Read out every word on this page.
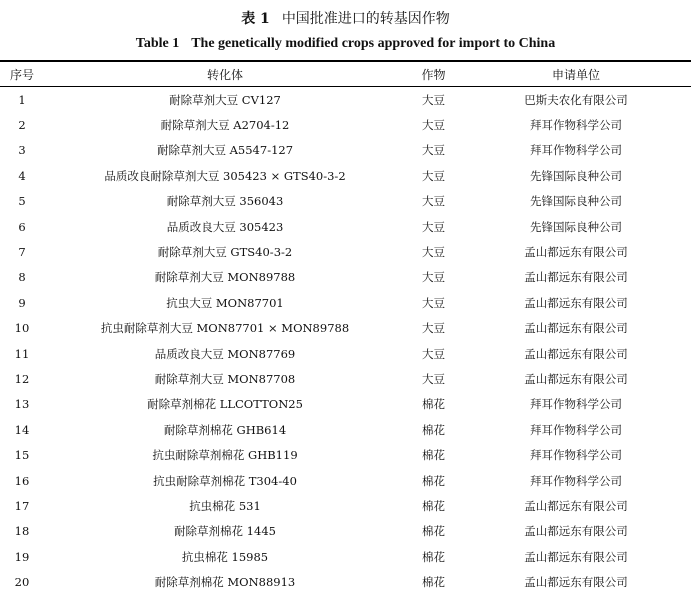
表 1 中国批准进口的转基因作物
Table 1 The genetically modified crops approved for import to China
序号	转化体	作物	申请单位
1	耐除草剂大豆 CV127	大豆	巴斯夫农化有限公司
2	耐除草剂大豆 A2704-12	大豆	拜耳作物科学公司
3	耐除草剂大豆 A5547-127	大豆	拜耳作物科学公司
4	品质改良耐除草剂大豆 305423 × GTS40-3-2	大豆	先锋国际良种公司
5	耐除草剂大豆 356043	大豆	先锋国际良种公司
6	品质改良大豆 305423	大豆	先锋国际良种公司
7	耐除草剂大豆 GTS40-3-2	大豆	孟山都远东有限公司
8	耐除草剂大豆 MON89788	大豆	孟山都远东有限公司
9	抗虫大豆 MON87701	大豆	孟山都远东有限公司
10	抗虫耐除草剂大豆 MON87701 × MON89788	大豆	孟山都远东有限公司
11	品质改良大豆 MON87769	大豆	孟山都远东有限公司
12	耐除草剂大豆 MON87708	大豆	孟山都远东有限公司
13	耐除草剂棉花 LLCOTTON25	棉花	拜耳作物科学公司
14	耐除草剂棉花 GHB614	棉花	拜耳作物科学公司
15	抗虫耐除草剂棉花 GHB119	棉花	拜耳作物科学公司
16	抗虫耐除草剂棉花 T304-40	棉花	拜耳作物科学公司
17	抗虫棉花 531	棉花	孟山都远东有限公司
18	耐除草剂棉花 1445	棉花	孟山都远东有限公司
19	抗虫棉花 15985	棉花	孟山都远东有限公司
20	耐除草剂棉花 MON88913	棉花	孟山都远东有限公司
